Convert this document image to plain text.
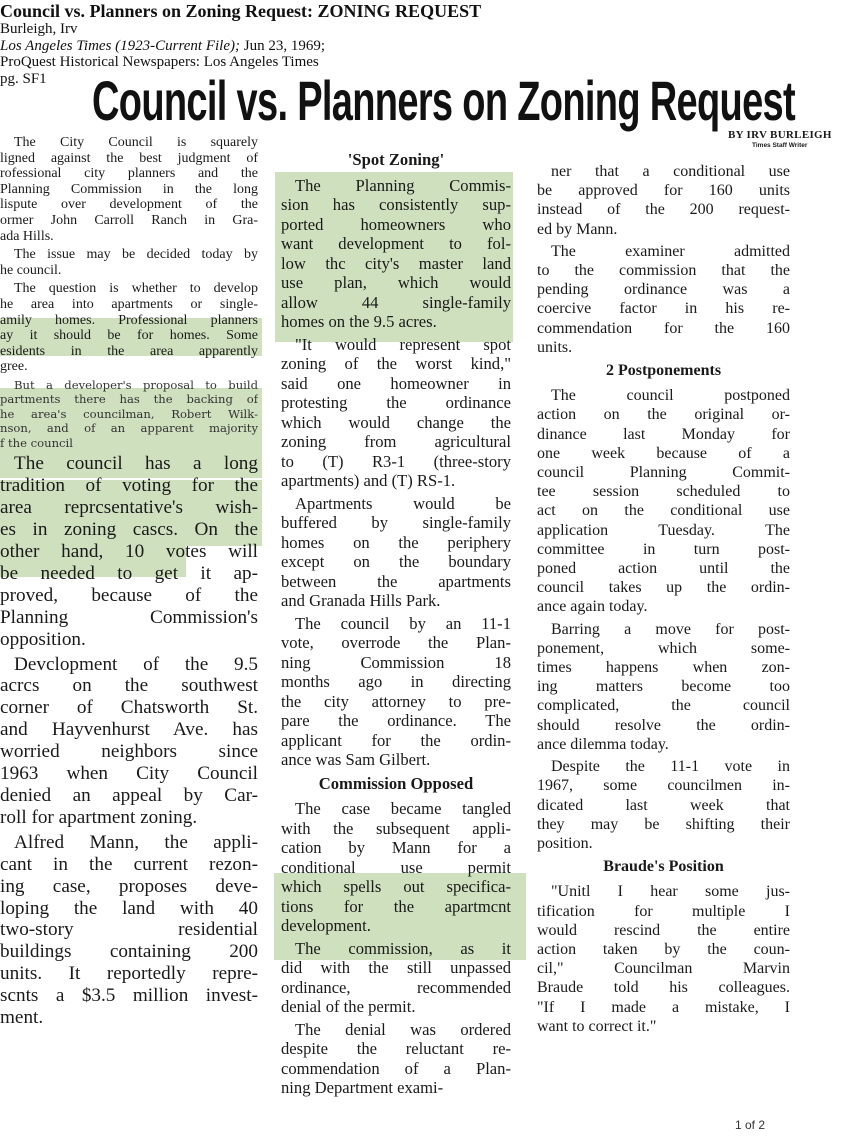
Council vs. Planners on Zoning Request: ZONING REQUEST
Burleigh, Irv
Los Angeles Times (1923-Current File); Jun 23, 1969;
ProQuest Historical Newspapers: Los Angeles Times
pg. SF1 Council vs. Planners on Zoning Request
BY IRV BURLEIGH
Times Staff Writer
The City Council is squarely
ligned against the best judgment of
rofessional city planners and the
Planning Commission in the long
lispute over development of the
ormer John Carroll Ranch in Gra-
ada Hills.
The issue may be decided today by
he council.
The question is whether to develop
he area into apartments or single-
amily homes. Professional planners
ay it should be for homes. Some
esidents in the area apparently
gree.
But a developer's proposal to build
partments there has the backing of
he area's councilman, Robert Wilk-
nson, and of an apparent majority
f the council
The council has a long
tradition of voting for the
area reprcsentative's wish-
es in zoning cascs. On the
other hand, 10 votes will
be needed to get it ap-
proved, because of the
Planning Commission's
opposition.
Devclopment of the 9.5
acrcs on the southwest
corner of Chatsworth St.
and Hayvenhurst Ave. has
worried neighbors since
1963 when City Council
denied an appeal by Car-
roll for apartment zoning.
Alfred Mann, the appli-
cant in the current rezon-
ing case, proposes deve-
loping the land with 40
two-story residential
buildings containing 200
units. It reportedly repre-
scnts a $3.5 million invest-
ment.
'Spot Zoning'
The Planning Commis-
sion has consistently sup-
ported homeowners who
want development to fol-
low thc city's master land
use plan, which would
allow 44 single-family
homes on the 9.5 acres.
"It would represent spot
zoning of the worst kind,"
said one homeowner in
protesting the ordinance
which would change the
zoning from agricultural
to (T) R3-1 (three-story
apartments) and (T) RS-1.
Apartments would be
buffered by single-family
homes on the periphery
except on the boundary
between the apartments
and Granada Hills Park.
The council by an 11-1
vote, overrode the Plan-
ning Commission 18
months ago in directing
the city attorney to pre-
pare the ordinance. The
applicant for the ordin-
ance was Sam Gilbert.
Commission Opposed
The case became tangled
with the subsequent appli-
cation by Mann for a
conditional use permit
which spells out specifica-
tions for the apartmcnt
development.
The commission, as it
did with the still unpassed
ordinance, recommended
denial of the permit.
The denial was ordered
despite the reluctant re-
commendation of a Plan-
ning Department exami-
ner that a conditional use
be approved for 160 units
instead of the 200 request-
ed by Mann.
The examiner admitted
to the commission that the
pending ordinance was a
coercive factor in his re-
commendation for the 160
units.
2 Postponements
The council postponed
action on the original or-
dinance last Monday for
one week because of a
council Planning Commit-
tee session scheduled to
act on the conditional use
application Tuesday. The
committee in turn post-
poned action until the
council takes up the ordin-
ance again today.
Barring a move for post-
ponement, which some-
times happens when zon-
ing matters become too
complicated, the council
should resolve the ordin-
ance dilemma today.
Despite the 11-1 vote in
1967, some councilmen in-
dicated last week that
they may be shifting their
position.
Braude's Position
"Unitl I hear some jus-
tification for multiple I
would rescind the entire
action taken by the coun-
cil," Councilman Marvin
Braude told his colleagues.
"If I made a mistake, I
want to correct it."
1 of 2
